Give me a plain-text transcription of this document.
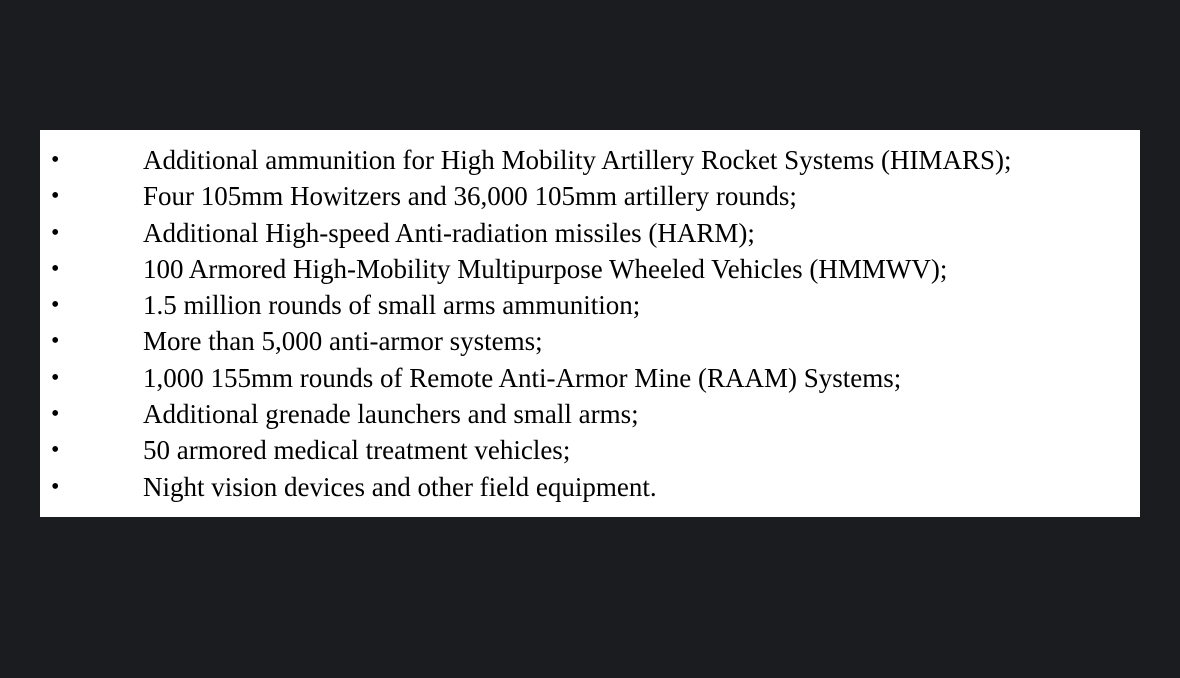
•	Additional ammunition for High Mobility Artillery Rocket Systems (HIMARS);
•	Four 105mm Howitzers and 36,000 105mm artillery rounds;
•	Additional High-speed Anti-radiation missiles (HARM);
•	100 Armored High-Mobility Multipurpose Wheeled Vehicles (HMMWV);
•	1.5 million rounds of small arms ammunition;
•	More than 5,000 anti-armor systems;
•	1,000 155mm rounds of Remote Anti-Armor Mine (RAAM) Systems;
•	Additional grenade launchers and small arms;
•	50 armored medical treatment vehicles;
•	Night vision devices and other field equipment.
